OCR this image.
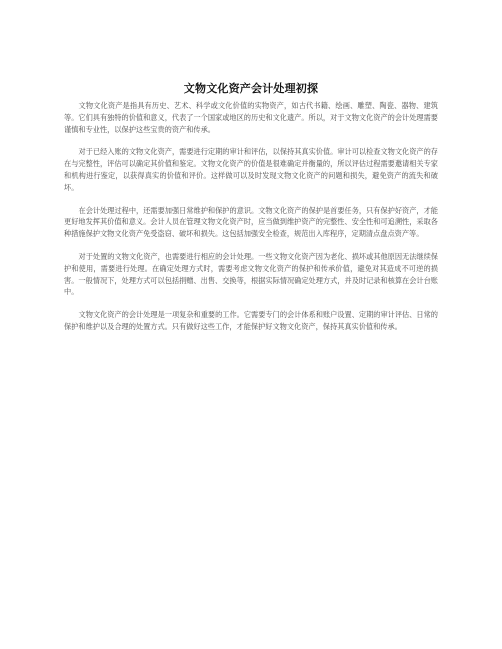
文物文化资产会计处理初探

文物文化资产是指具有历史、艺术、科学或文化价值的实物资产，如古代书籍、绘画、雕塑、陶瓷、器物、建筑等。它们具有独特的价值和意义，代表了一个国家或地区的历史和文化遗产。所以，对于文物文化资产的会计处理需要谨慎和专业性，以保护这些宝贵的资产和传承。

对于已经入账的文物文化资产，需要进行定期的审计和评估，以保持其真实价值。审计可以检查文物文化资产的存在与完整性，评估可以确定其价值和鉴定。文物文化资产的价值是很难确定并衡量的，所以评估过程需要邀请相关专家和机构进行鉴定，以获得真实的价值和评价。这样做可以及时发现文物文化资产的问题和损失，避免资产的流失和破坏。

在会计处理过程中，还需要加强日常维护和保护的意识。文物文化资产的保护是首要任务，只有保护好资产，才能更好地发挥其价值和意义。会计人员在管理文物文化资产时，应当做到维护资产的完整性、安全性和可追溯性，采取各种措施保护文物文化资产免受盗窃、破坏和损失。这包括加强安全检查，规范出入库程序，定期清点盘点资产等。

对于处置的文物文化资产，也需要进行相应的会计处理。一些文物文化资产因为老化、损坏或其他原因无法继续保护和使用，需要进行处理。在确定处理方式时，需要考虑文物文化资产的保护和传承价值，避免对其造成不可逆的损害。一般情况下，处理方式可以包括捐赠、出售、交换等，根据实际情况确定处理方式，并及时记录和核算在会计台账中。

文物文化资产的会计处理是一项复杂和重要的工作。它需要专门的会计体系和账户设置、定期的审计评估、日常的保护和维护以及合理的处置方式。只有做好这些工作，才能保护好文物文化资产，保持其真实价值和传承。
